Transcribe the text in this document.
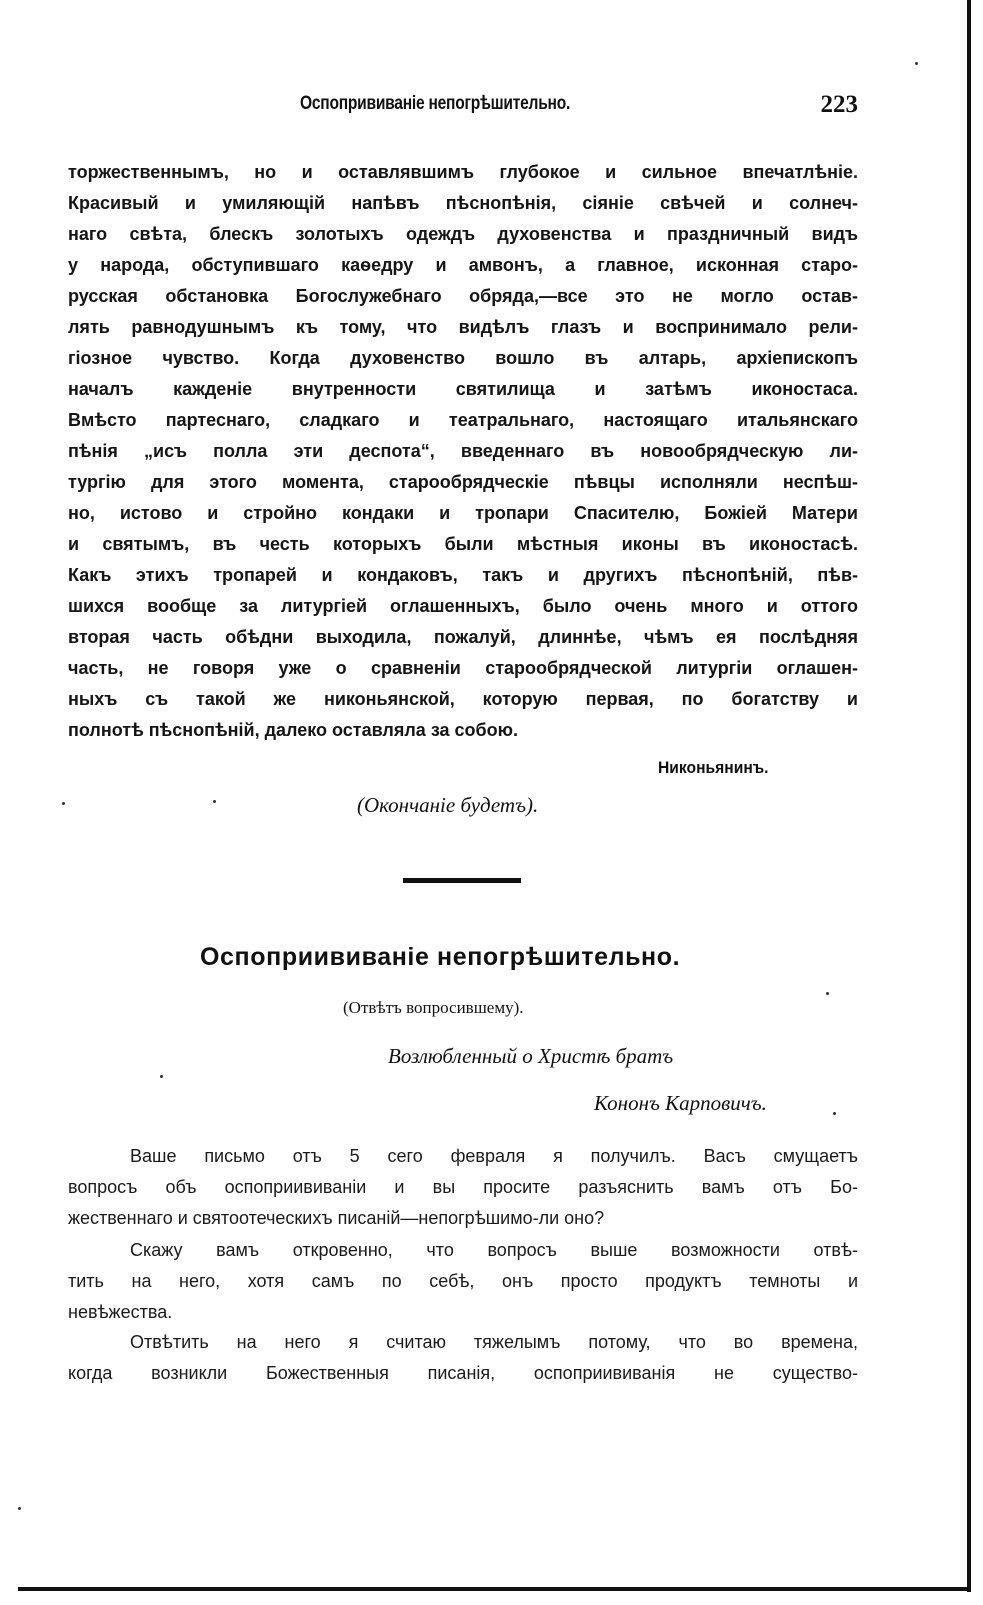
Оспопрививаніе непогрѣшительно.	223
торжественнымъ, но и оставлявшимъ глубокое и сильное впечатлѣніе.
Красивый и умиляющій напѣвъ пѣснопѣнія, сіяніе свѣчей и солнеч-
наго свѣта, блескъ золотыхъ одеждъ духовенства и праздничный видъ
у народа, обступившаго каѳедру и амвонъ, а главное, исконная старо-
русская обстановка Богослужебнаго обряда,—все это не могло остав-
лять равнодушнымъ къ тому, что видѣлъ глазъ и воспринимало рели-
гіозное чувство. Когда духовенство вошло въ алтарь, архіепископъ
началъ кажденіе внутренности святилища и затѣмъ иконостаса.
Вмѣсто партеснаго, сладкаго и театральнаго, настоящаго итальянскаго
пѣнія „исъ полла эти деспота“, введеннаго въ новообрядческую ли-
тургію для этого момента, старообрядческіе пѣвцы исполняли неспѣш-
но, истово и стройно кондаки и тропари Спасителю, Божіей Матери
и святымъ, въ честь которыхъ были мѣстныя иконы въ иконостасѣ.
Какъ этихъ тропарей и кондаковъ, такъ и другихъ пѣснопѣній, пѣв-
шихся вообще за литургіей оглашенныхъ, было очень много и оттого
вторая часть обѣдни выходила, пожалуй, длиннѣе, чѣмъ ея послѣдняя
часть, не говоря уже о сравненіи старообрядческой литургіи оглашен-
ныхъ съ такой же никоньянской, которую первая, по богатству и
полнотѣ пѣснопѣній, далеко оставляла за собою.
Никоньянинъ.
(Окончаніе будетъ).
Оспоприививаніе непогрѣшительно.
(Отвѣтъ вопросившему).
Возлюбленный о Христѣ братъ
Кононъ Карповичъ.
Ваше письмо отъ 5 сего февраля я получилъ. Васъ смущаетъ
вопросъ объ оспоприививаніи и вы просите разъяснить вамъ отъ Бо-
жественнаго и святоотеческихъ писаній—непогрѣшимо-ли оно?
Скажу вамъ откровенно, что вопросъ выше возможности отвѣ-
тить на него, хотя самъ по себѣ, онъ просто продуктъ темноты и
невѣжества.
Отвѣтить на него я считаю тяжелымъ потому, что во времена,
когда возникли Божественныя писанія, оспоприививанія не существо-
